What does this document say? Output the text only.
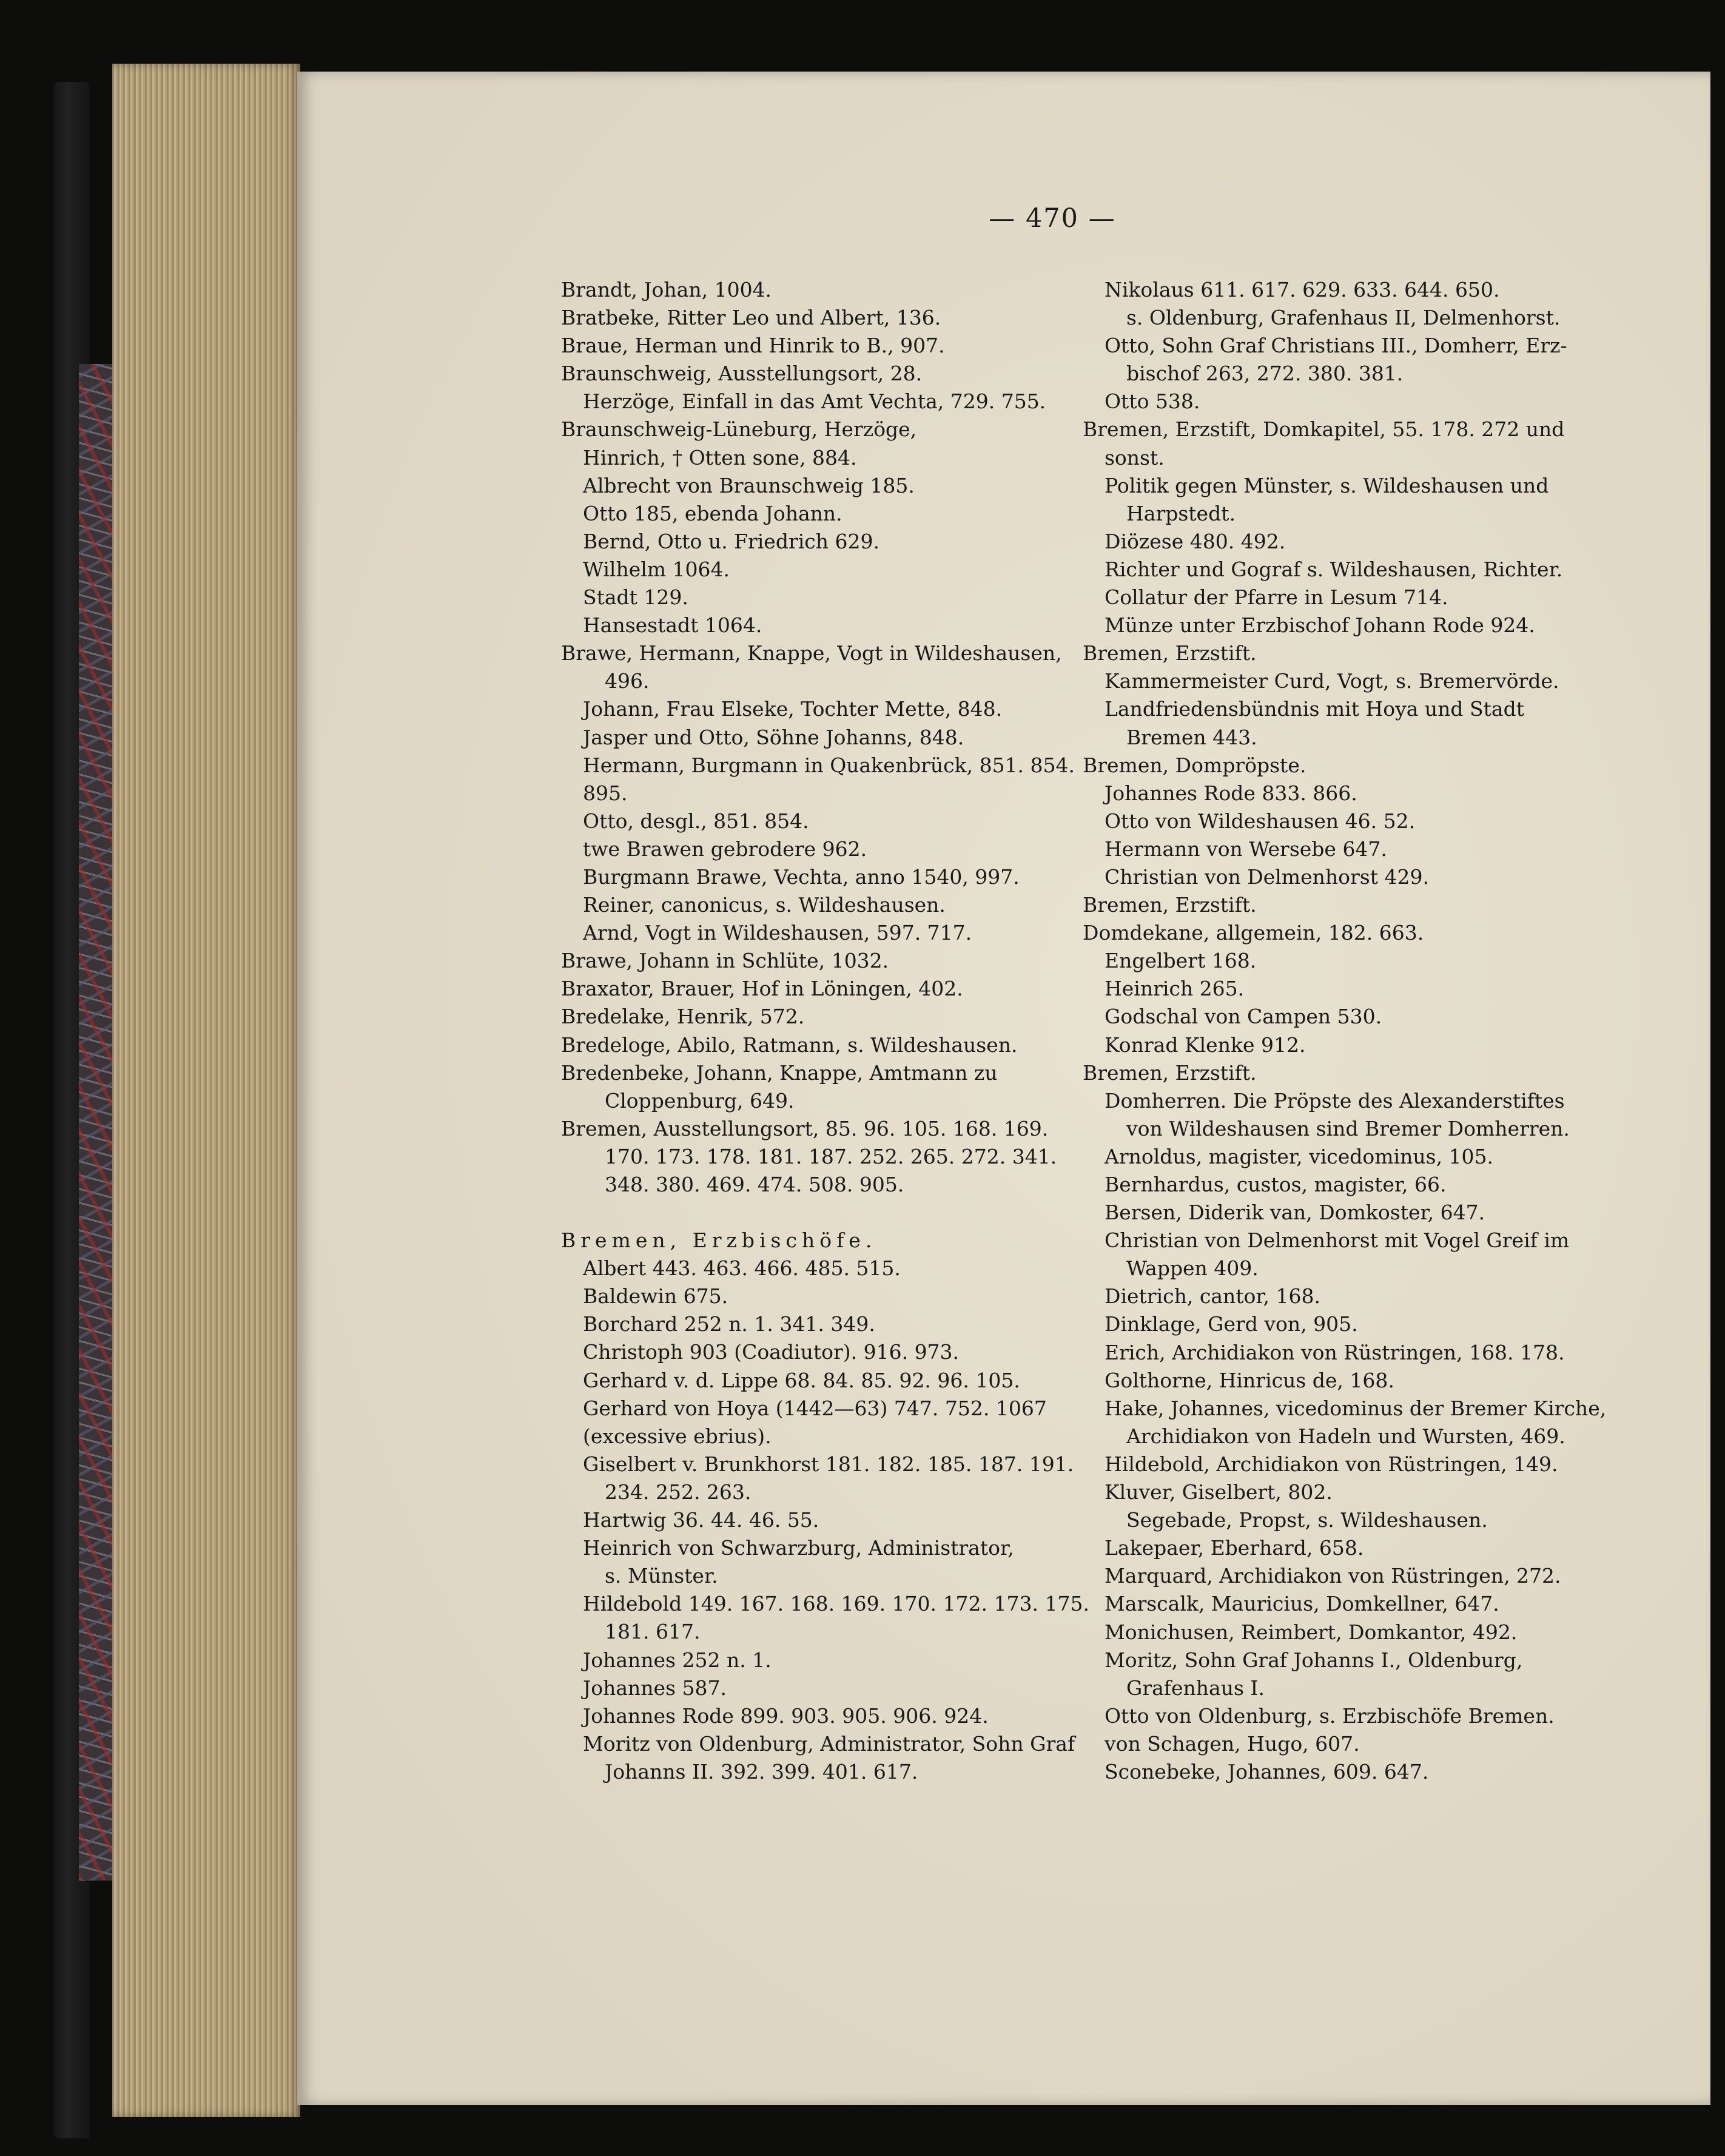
— 470 —
Brandt, Johan, 1004.
Bratbeke, Ritter Leo und Albert, 136.
Braue, Herman und Hinrik to B., 907.
Braunschweig, Ausstellungsort, 28.
Herzöge, Einfall in das Amt Vechta, 729. 755.
Braunschweig-Lüneburg, Herzöge,
Hinrich, † Otten sone, 884.
Albrecht von Braunschweig 185.
Otto 185, ebenda Johann.
Bernd, Otto u. Friedrich 629.
Wilhelm 1064.
Stadt 129.
Hansestadt 1064.
Brawe, Hermann, Knappe, Vogt in Wildeshausen,
496.
Johann, Frau Elseke, Tochter Mette, 848.
Jasper und Otto, Söhne Johanns, 848.
Hermann, Burgmann in Quakenbrück, 851. 854.
895.
Otto, desgl., 851. 854.
twe Brawen gebrodere 962.
Burgmann Brawe, Vechta, anno 1540, 997.
Reiner, canonicus, s. Wildeshausen.
Arnd, Vogt in Wildeshausen, 597. 717.
Brawe, Johann in Schlüte, 1032.
Braxator, Brauer, Hof in Löningen, 402.
Bredelake, Henrik, 572.
Bredeloge, Abilo, Ratmann, s. Wildeshausen.
Bredenbeke, Johann, Knappe, Amtmann zu
Cloppenburg, 649.
Bremen, Ausstellungsort, 85. 96. 105. 168. 169.
170. 173. 178. 181. 187. 252. 265. 272. 341.
348. 380. 469. 474. 508. 905.
Bremen, Erzbischöfe.
Albert 443. 463. 466. 485. 515.
Baldewin 675.
Borchard 252 n. 1. 341. 349.
Christoph 903 (Coadiutor). 916. 973.
Gerhard v. d. Lippe 68. 84. 85. 92. 96. 105.
Gerhard von Hoya (1442—63) 747. 752. 1067
(excessive ebrius).
Giselbert v. Brunkhorst 181. 182. 185. 187. 191.
234. 252. 263.
Hartwig 36. 44. 46. 55.
Heinrich von Schwarzburg, Administrator,
s. Münster.
Hildebold 149. 167. 168. 169. 170. 172. 173. 175.
181. 617.
Johannes 252 n. 1.
Johannes 587.
Johannes Rode 899. 903. 905. 906. 924.
Moritz von Oldenburg, Administrator, Sohn Graf
Johanns II. 392. 399. 401. 617.
Nikolaus 611. 617. 629. 633. 644. 650.
s. Oldenburg, Grafenhaus II, Delmenhorst.
Otto, Sohn Graf Christians III., Domherr, Erz-
bischof 263, 272. 380. 381.
Otto 538.
Bremen, Erzstift, Domkapitel, 55. 178. 272 und
sonst.
Politik gegen Münster, s. Wildeshausen und
Harpstedt.
Diözese 480. 492.
Richter und Gograf s. Wildeshausen, Richter.
Collatur der Pfarre in Lesum 714.
Münze unter Erzbischof Johann Rode 924.
Bremen, Erzstift.
Kammermeister Curd, Vogt, s. Bremervörde.
Landfriedensbündnis mit Hoya und Stadt
Bremen 443.
Bremen, Dompröpste.
Johannes Rode 833. 866.
Otto von Wildeshausen 46. 52.
Hermann von Wersebe 647.
Christian von Delmenhorst 429.
Bremen, Erzstift.
Domdekane, allgemein, 182. 663.
Engelbert 168.
Heinrich 265.
Godschal von Campen 530.
Konrad Klenke 912.
Bremen, Erzstift.
Domherren. Die Pröpste des Alexanderstiftes
von Wildeshausen sind Bremer Domherren.
Arnoldus, magister, vicedominus, 105.
Bernhardus, custos, magister, 66.
Bersen, Diderik van, Domkoster, 647.
Christian von Delmenhorst mit Vogel Greif im
Wappen 409.
Dietrich, cantor, 168.
Dinklage, Gerd von, 905.
Erich, Archidiakon von Rüstringen, 168. 178.
Golthorne, Hinricus de, 168.
Hake, Johannes, vicedominus der Bremer Kirche,
Archidiakon von Hadeln und Wursten, 469.
Hildebold, Archidiakon von Rüstringen, 149.
Kluver, Giselbert, 802.
Segebade, Propst, s. Wildeshausen.
Lakepaer, Eberhard, 658.
Marquard, Archidiakon von Rüstringen, 272.
Marscalk, Mauricius, Domkellner, 647.
Monichusen, Reimbert, Domkantor, 492.
Moritz, Sohn Graf Johanns I., Oldenburg,
Grafenhaus I.
Otto von Oldenburg, s. Erzbischöfe Bremen.
von Schagen, Hugo, 607.
Sconebeke, Johannes, 609. 647.
